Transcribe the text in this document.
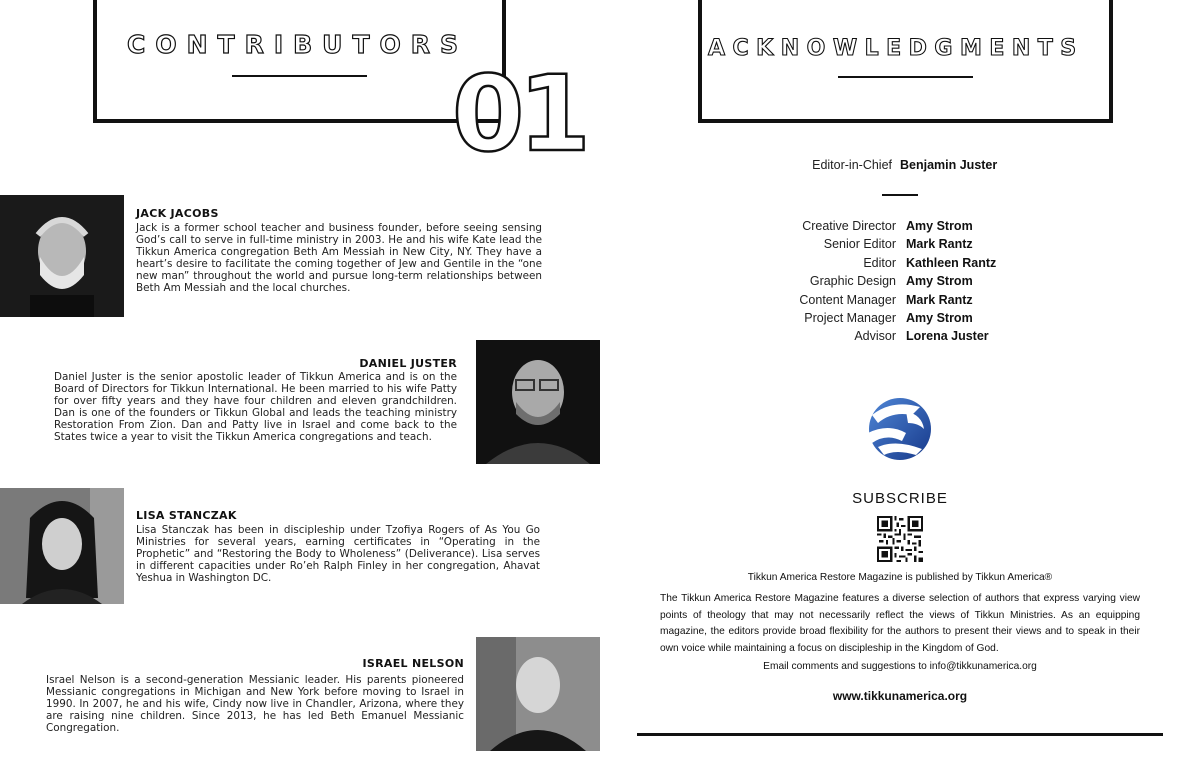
CONTRIBUTORS
01
JACK JACOBS
Jack is a former school teacher and business founder, before seeing sensing God’s call to serve in full-time ministry in 2003. He and his wife Kate lead the Tikkun America congregation Beth Am Messiah in New City, NY. They have a heart’s desire to facilitate the coming together of Jew and Gentile in the “one new man” throughout the world and pursue long-term relationships between Beth Am Messiah and the local churches.
DANIEL JUSTER
Daniel Juster is the senior apostolic leader of Tikkun America and is on the Board of Directors for Tikkun International. He been married to his wife Patty for over fifty years and they have four children and eleven grandchildren. Dan is one of the founders or Tikkun Global and leads the teaching ministry Restoration From Zion. Dan and Patty live in Israel and come back to the States twice a year to visit the Tikkun America congregations and teach.
LISA STANCZAK
Lisa Stanczak has been in discipleship under Tzofiya Rogers of As You Go Ministries for several years, earning certificates in “Operating in the Prophetic” and “Restoring the Body to Wholeness” (Deliverance). Lisa serves in different capacities under Ro’eh Ralph Finley in her congregation, Ahavat Yeshua in Washington DC.
ISRAEL NELSON
Israel Nelson is a second-generation Messianic leader. His parents pioneered Messianic congregations in Michigan and New York before moving to Israel in 1990. In 2007, he and his wife, Cindy now live in Chandler, Arizona, where they are raising nine children. Since 2013, he has led Beth Emanuel Messianic Congregation.
ACKNOWLEDGMENTS
Editor-in-Chief Benjamin Juster
Creative Director Amy Strom
Senior Editor Mark Rantz
Editor Kathleen Rantz
Graphic Design Amy Strom
Content Manager Mark Rantz
Project Manager Amy Strom
Advisor Lorena Juster
SUBSCRIBE
Tikkun America Restore Magazine is published by Tikkun America®
The Tikkun America Restore Magazine features a diverse selection of authors that express varying view points of theology that may not necessarily reflect the views of Tikkun Ministries. As an equipping magazine, the editors provide broad flexibility for the authors to present their views and to speak in their own voice while maintaining a focus on discipleship in the Kingdom of God.
Email comments and suggestions to info@tikkunamerica.org
www.tikkunamerica.org
